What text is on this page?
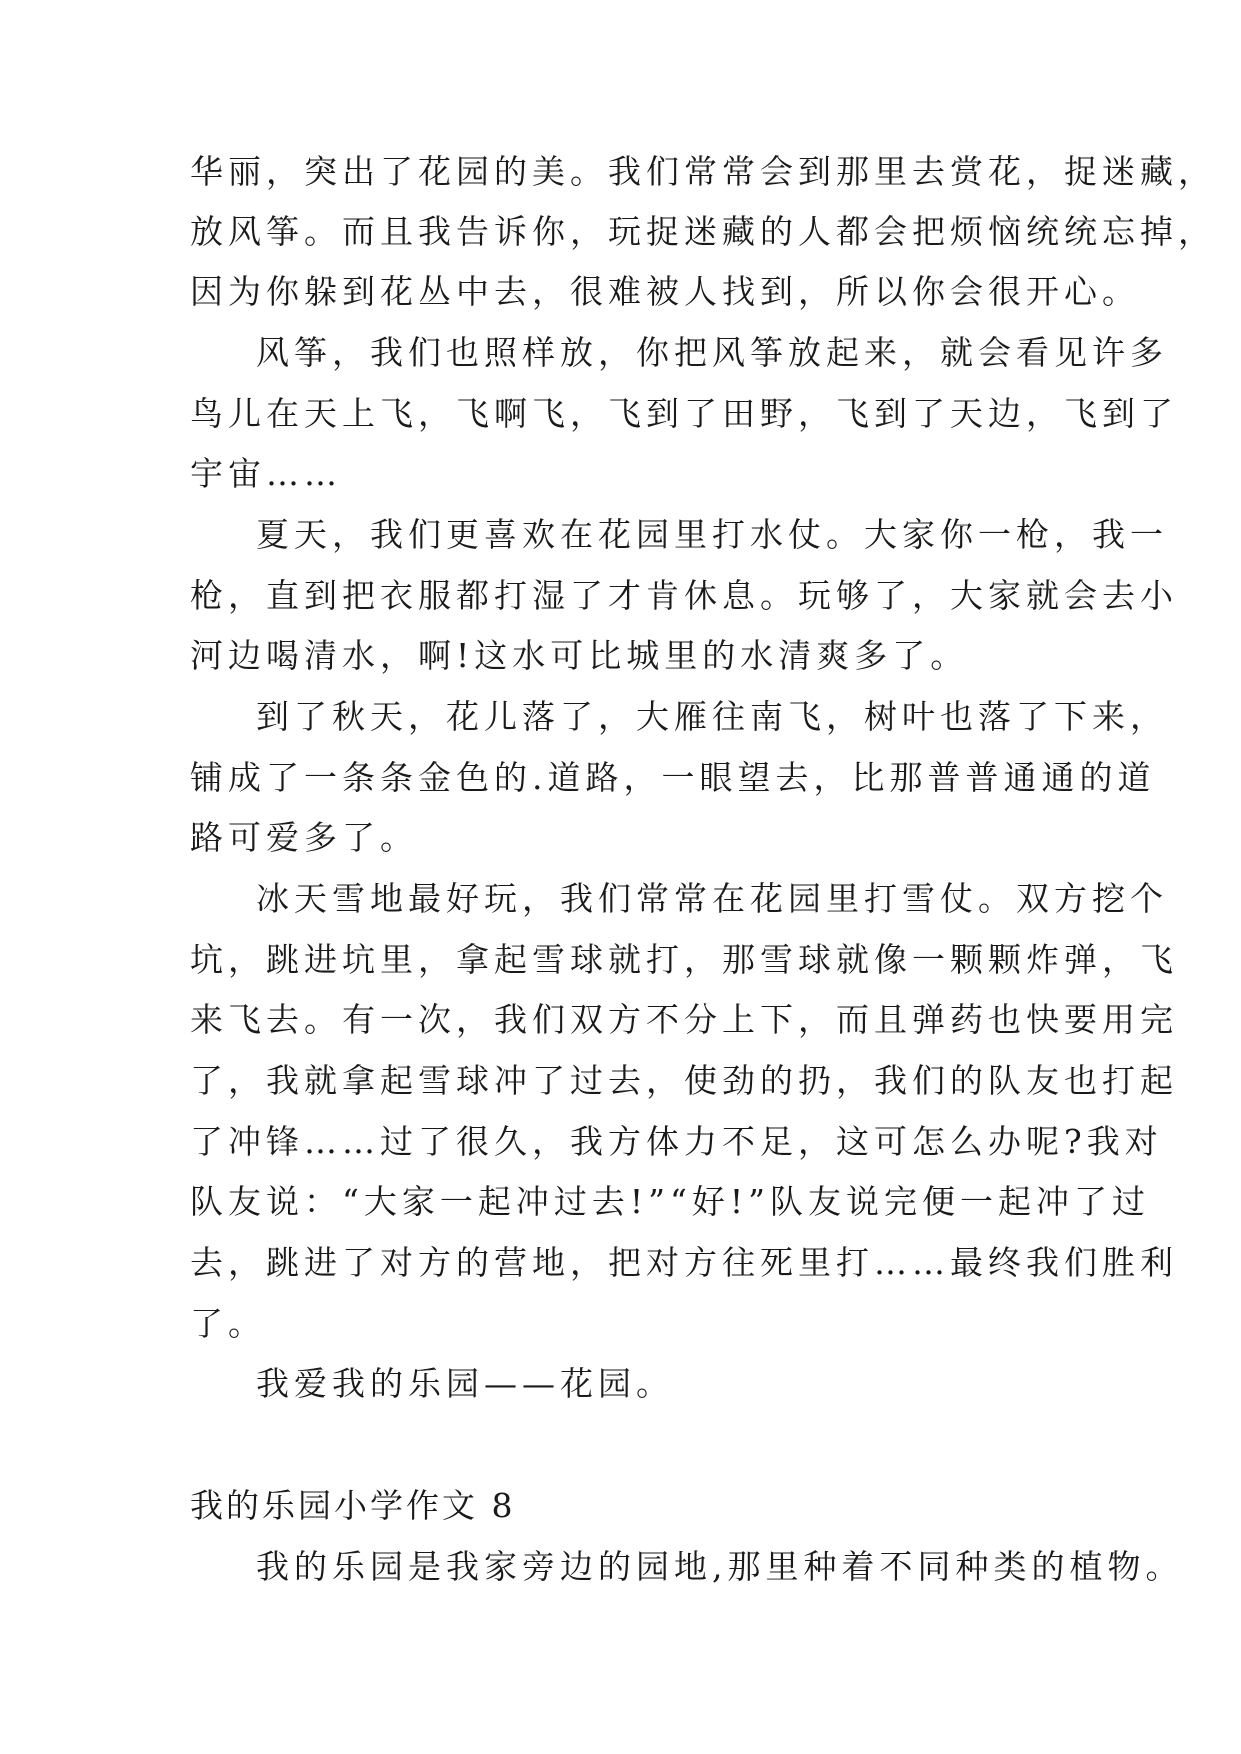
华丽，突出了花园的美。我们常常会到那里去赏花，捉迷藏，
放风筝。而且我告诉你，玩捉迷藏的人都会把烦恼统统忘掉，
因为你躲到花丛中去，很难被人找到，所以你会很开心。
风筝，我们也照样放，你把风筝放起来，就会看见许多
鸟儿在天上飞，飞啊飞，飞到了田野，飞到了天边，飞到了
宇宙……
夏天，我们更喜欢在花园里打水仗。大家你一枪，我一
枪，直到把衣服都打湿了才肯休息。玩够了，大家就会去小
河边喝清水，啊!这水可比城里的水清爽多了。
到了秋天，花儿落了，大雁往南飞，树叶也落了下来，
铺成了一条条金色的.道路，一眼望去，比那普普通通的道
路可爱多了。
冰天雪地最好玩，我们常常在花园里打雪仗。双方挖个
坑，跳进坑里，拿起雪球就打，那雪球就像一颗颗炸弹，飞
来飞去。有一次，我们双方不分上下，而且弹药也快要用完
了，我就拿起雪球冲了过去，使劲的扔，我们的队友也打起
了冲锋……过了很久，我方体力不足，这可怎么办呢?我对
队友说：“大家一起冲过去!”“好!”队友说完便一起冲了过
去，跳进了对方的营地，把对方往死里打……最终我们胜利
了。
我爱我的乐园——花园。
我的乐园小学作文 8
我的乐园是我家旁边的园地,那里种着不同种类的植物。
